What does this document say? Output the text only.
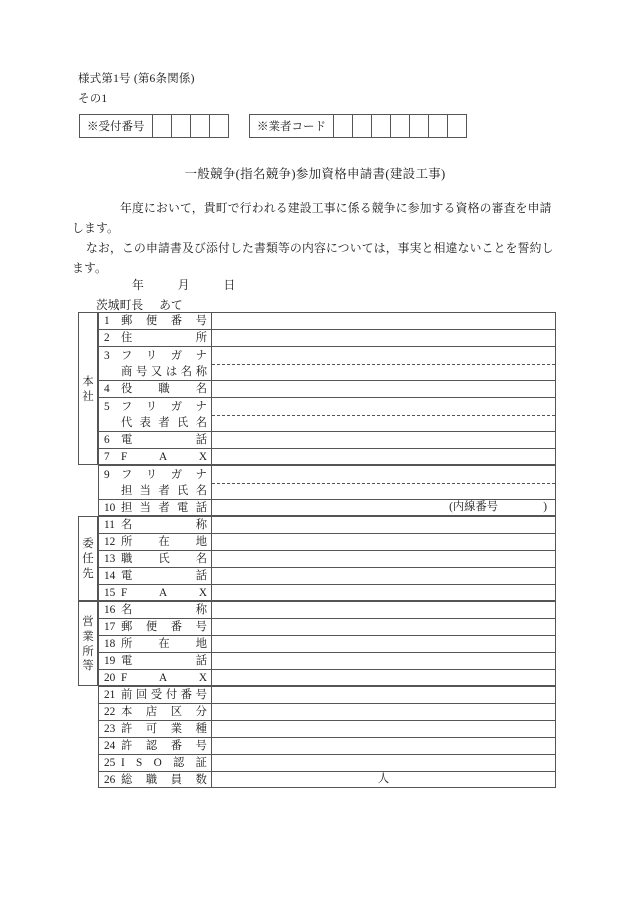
様式第1号 (第6条関係)
その1
※受付番号	※業者コード
一般競争(指名競争)参加資格申請書(建設工事)
年度において，貴町で行われる建設工事に係る競争に参加する資格の審査を申請
します。
なお，この申請書及び添付した書類等の内容については，事実と相違ないことを誓約し
ます。
年	月	日
茨城町長 あて
本
社
1	郵 便 番 号
2	住	所
3	フ リ ガ ナ
商 号 又 は 名 称
4	役 職 名
5	フ リ ガ ナ
代 表 者 氏 名
6	電	話
7	F	A	X
9	フ リ ガ ナ
担 当 者 氏 名
10 担 当 者 電 話	(内線番号　　　　)
委
任
先
11 名	称
12 所 在 地
13 職 氏 名
14 電	話
15 F	A	X
営
業
所
等
16 名	称
17 郵 便 番 号
18 所 在 地
19 電	話
20 F	A	X
21 前 回 受 付 番 号
22 本 店 区 分
23 許 可 業 種
24 許 認 番 号
25 I S O 認 証
26 総 職 員 数	人
